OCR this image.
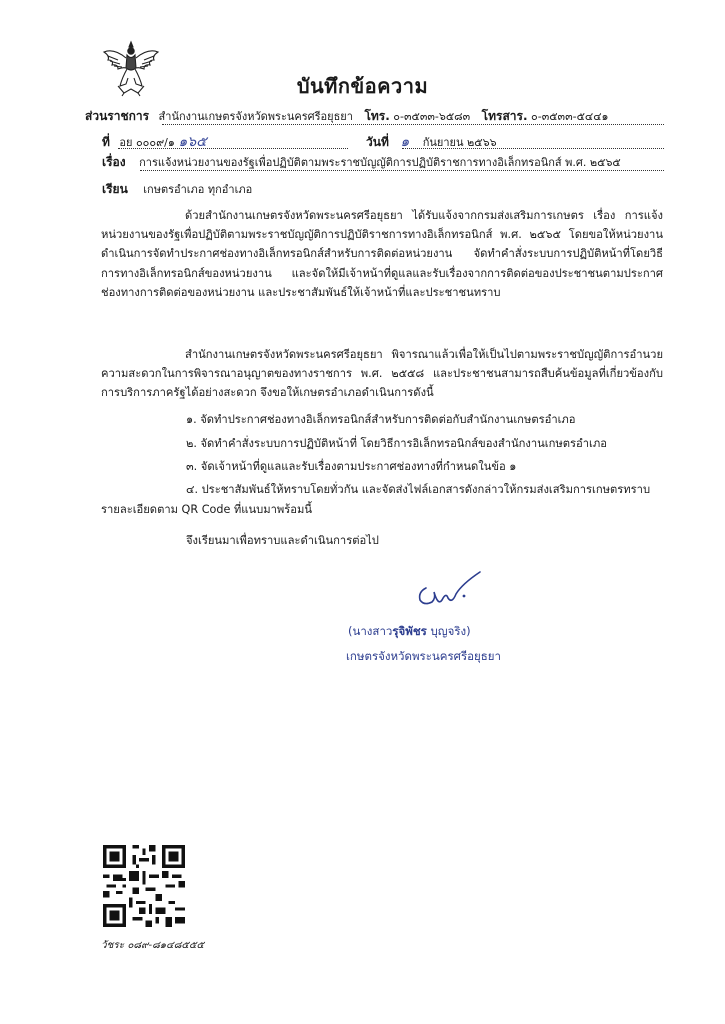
บันทึกข้อความ
ส่วนราชการ สำนักงานเกษตรจังหวัดพระนครศรีอยุธยา โทร. ๐-๓๕๓๓-๖๕๘๓ โทรสาร. ๐-๓๕๓๓-๕๔๔๑
ที่ อย ๐๐๐๙/๑ ๑๖๕	วันที่ ๑ กันยายน ๒๕๖๖
เรื่อง การแจ้งหน่วยงานของรัฐเพื่อปฏิบัติตามพระราชบัญญัติการปฏิบัติราชการทางอิเล็กทรอนิกส์ พ.ศ. ๒๕๖๕
เรียน เกษตรอำเภอ ทุกอำเภอ
ด้วยสำนักงานเกษตรจังหวัดพระนครศรีอยุธยา ได้รับแจ้งจากกรมส่งเสริมการเกษตร เรื่อง การแจ้งหน่วยงานของรัฐเพื่อปฏิบัติตามพระราชบัญญัติการปฏิบัติราชการทางอิเล็กทรอนิกส์ พ.ศ. ๒๕๖๕ โดยขอให้หน่วยงานดำเนินการจัดทำประกาศช่องทางอิเล็กทรอนิกส์สำหรับการติดต่อหน่วยงาน จัดทำคำสั่งระบบการปฏิบัติหน้าที่โดยวิธีการทางอิเล็กทรอนิกส์ของหน่วยงาน และจัดให้มีเจ้าหน้าที่ดูแลและรับเรื่องจากการติดต่อของประชาชนตามประกาศช่องทางการติดต่อของหน่วยงาน และประชาสัมพันธ์ให้เจ้าหน้าที่และประชาชนทราบ
สำนักงานเกษตรจังหวัดพระนครศรีอยุธยา พิจารณาแล้วเพื่อให้เป็นไปตามพระราชบัญญัติการอำนวยความสะดวกในการพิจารณาอนุญาตของทางราชการ พ.ศ. ๒๕๕๘ และประชาชนสามารถสืบค้นข้อมูลที่เกี่ยวข้องกับการบริการภาครัฐได้อย่างสะดวก จึงขอให้เกษตรอำเภอดำเนินการดังนี้
๑. จัดทำประกาศช่องทางอิเล็กทรอนิกส์สำหรับการติดต่อกับสำนักงานเกษตรอำเภอ
๒. จัดทำคำสั่งระบบการปฏิบัติหน้าที่ โดยวิธีการอิเล็กทรอนิกส์ของสำนักงานเกษตรอำเภอ
๓. จัดเจ้าหน้าที่ดูแลและรับเรื่องตามประกาศช่องทางที่กำหนดในข้อ ๑
๔. ประชาสัมพันธ์ให้ทราบโดยทั่วกัน และจัดส่งไฟล์เอกสารดังกล่าวให้กรมส่งเสริมการเกษตรทราบรายละเอียดตาม QR Code ที่แนบมาพร้อมนี้
จึงเรียนมาเพื่อทราบและดำเนินการต่อไป
(นางสาวรุจิพัชร บุญจริง)
เกษตรจังหวัดพระนครศรีอยุธยา
วัชระ ๐๘๙-๘๑๔๘๕๕๕
